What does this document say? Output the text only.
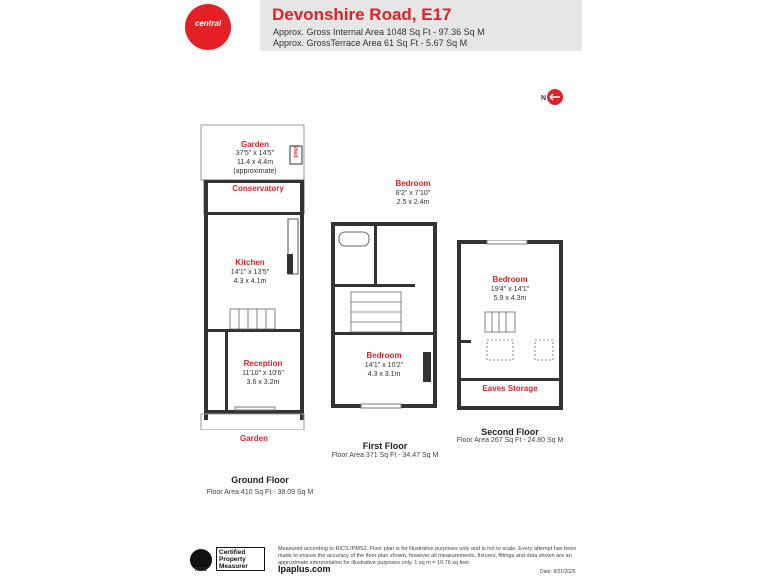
central	Devonshire Road, E17
Approx. Gross Internal Area 1048 Sq Ft - 97.36 Sq M
Approx. GrossTerrace Area 61 Sq Ft - 5.67 Sq M
N
Garden
37'5" x 14'5"
11.4 x 4.4m
(approximate)
Shed
Conservatory
Kitchen
14'1" x 13'5"
4.3 x 4.1m
Reception
11'10" x 10'6"
3.6 x 3.2m
Garden
Ground Floor
Floor Area 410 Sq Ft - 38.09 Sq M
Bedroom
8'2" x 7'10"
2.5 x 2.4m
Bedroom
14'1" x 10'2"
4.3 x 3.1m
First Floor
Floor Area 371 Sq Ft - 34.47 Sq M
Bedroom
19'4" x 14'1"
5.9 x 4.3m
Eaves Storage
Second Floor
Floor Area 267 Sq Ft - 24.80 Sq M
RICS
Certified
Property
Measurer
Measured according to RICS IPMS2. Floor plan is for illustrative purposes only and is not to scale. Every attempt has been made to ensure the accuracy of the floor plan shown, however all measurements, fixtures, fittings and data shown are an approximate interpretation for illustrative purposes only. 1 sq m = 10.76 sq feet.
lpaplus.com	Date: 8/21/2025
